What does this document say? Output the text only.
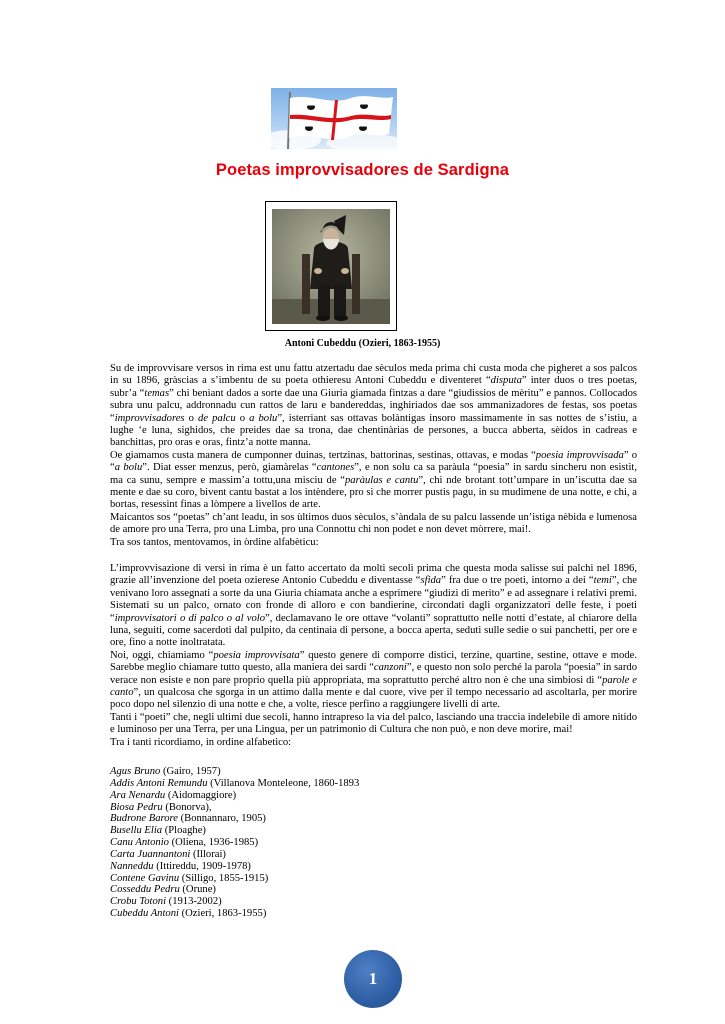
Poetas improvvisadores de Sardigna
Antoni Cubeddu (Ozieri, 1863-1955)

Su de improvvisare versos in rima est unu fattu atzertadu dae sèculos meda prima chi custa moda che pigheret a sos palcos in su 1896, gràscias a s’imbentu de su poeta othieresu Antoni Cubeddu e diventeret “disputa” inter duos o tres poetas, subr’a “temas” chi beniant dados a sorte dae una Giuria giamada fintzas a dare “giudissios de mèritu” e pannos. Collocados subra unu palcu, addronnadu cun rattos de laru e bandereddas, inghiriados dae sos ammanizadores de festas, sos poetas “improvvisadores o de palcu o a bolu”, isterriant sas ottavas bolàntigas insoro massimamente in sas nottes de s’istiu, a lughe ‘e luna, sighidos, che preides dae sa trona, dae chentinàrias de persones, a bucca abberta, sèidos in cadreas e banchittas, pro oras e oras, fintz’a notte manna.

Oe giamamos custa manera de cumponner duinas, tertzinas, battorinas, sestinas, ottavas, e modas “poesia improvvisada” o “a bolu”. Diat esser menzus, però, giamàrelas “cantones”, e non solu ca sa paràula “poesia” in sardu sincheru non esistit, ma ca sunu, sempre e massim’a tottu,una misciu de “paràulas e cantu”, chi nde brotant tott’umpare in un’iscutta dae sa mente e dae su coro, bivent cantu bastat a los intèndere, pro si che morrer pustis pagu, in su mudimene de una notte, e chi, a bortas, resessint finas a lòmpere a livellos de arte.

Maicantos sos “poetas” ch’ant leadu, in sos ùltimos duos sèculos, s’àndala de su palcu lassende un’istiga nèbida e lumenosa de amore pro una Terra, pro una Limba, pro una Connottu chi non podet e non devet mòrrere, mai!.

Tra sos tantos, mentovamos, in òrdine alfabèticu:

L’improvvisazione di versi in rima è un fatto accertato da molti secoli prima che questa moda salisse sui palchi nel 1896, grazie all’invenzione del poeta ozierese Antonio Cubeddu e diventasse “sfida” fra due o tre poeti, intorno a dei “temi”, che venivano loro assegnati a sorte da una Giuria chiamata anche a esprimere “giudizi di merito” e ad assegnare i relativi premi. Sistemati su un palco, ornato con fronde di alloro e con bandierine, circondati dagli organizzatori delle feste, i poeti “improvvisatori o di palco o al volo”, declamavano le ore ottave “volanti” soprattutto nelle notti d’estate, al chiarore della luna, seguiti, come sacerdoti dal pulpito, da centinaia di persone, a bocca aperta, seduti sulle sedie o sui panchetti, per ore e ore, fino a notte inoltratata.

Noi, oggi, chiamiamo “poesia improvvisata” questo genere di comporre distici, terzine, quartine, sestine, ottave e mode. Sarebbe meglio chiamare tutto questo, alla maniera dei sardi “canzoni”, e questo non solo perché la parola “poesia” in sardo verace non esiste e non pare proprio quella più appropriata, ma soprattutto perché altro non è che una simbiosi di “parole e canto”, un qualcosa che sgorga in un attimo dalla mente e dal cuore, vive per il tempo necessario ad ascoltarla, per morire poco dopo nel silenzio di una notte e che, a volte, riesce perfino a raggiungere livelli di arte.

Tanti i “poeti” che, negli ultimi due secoli, hanno intrapreso la via del palco, lasciando una traccia indelebile di amore nitido e luminoso per una Terra, per una Lingua, per un patrimonio di Cultura che non può, e non deve morire, mai!

Tra i tanti ricordiamo, in ordine alfabetico:

Agus Bruno (Gairo, 1957)
Addis Antoni Remundu (Villanova Monteleone, 1860-1893
Ara Nenardu (Aidomaggiore)
Biosa Pedru (Bonorva),
Budrone Barore (Bonnannaro, 1905)
Busellu Elia (Ploaghe)
Canu Antonio (Oliena, 1936-1985)
Carta Juannantoni (Illorai)
Nanneddu (Ittireddu, 1909-1978)
Contene Gavinu (Silligo, 1855-1915)
Cosseddu Pedru (Orune)
Crobu Totoni (1913-2002)
Cubeddu Antoni (Ozieri, 1863-1955)
1
